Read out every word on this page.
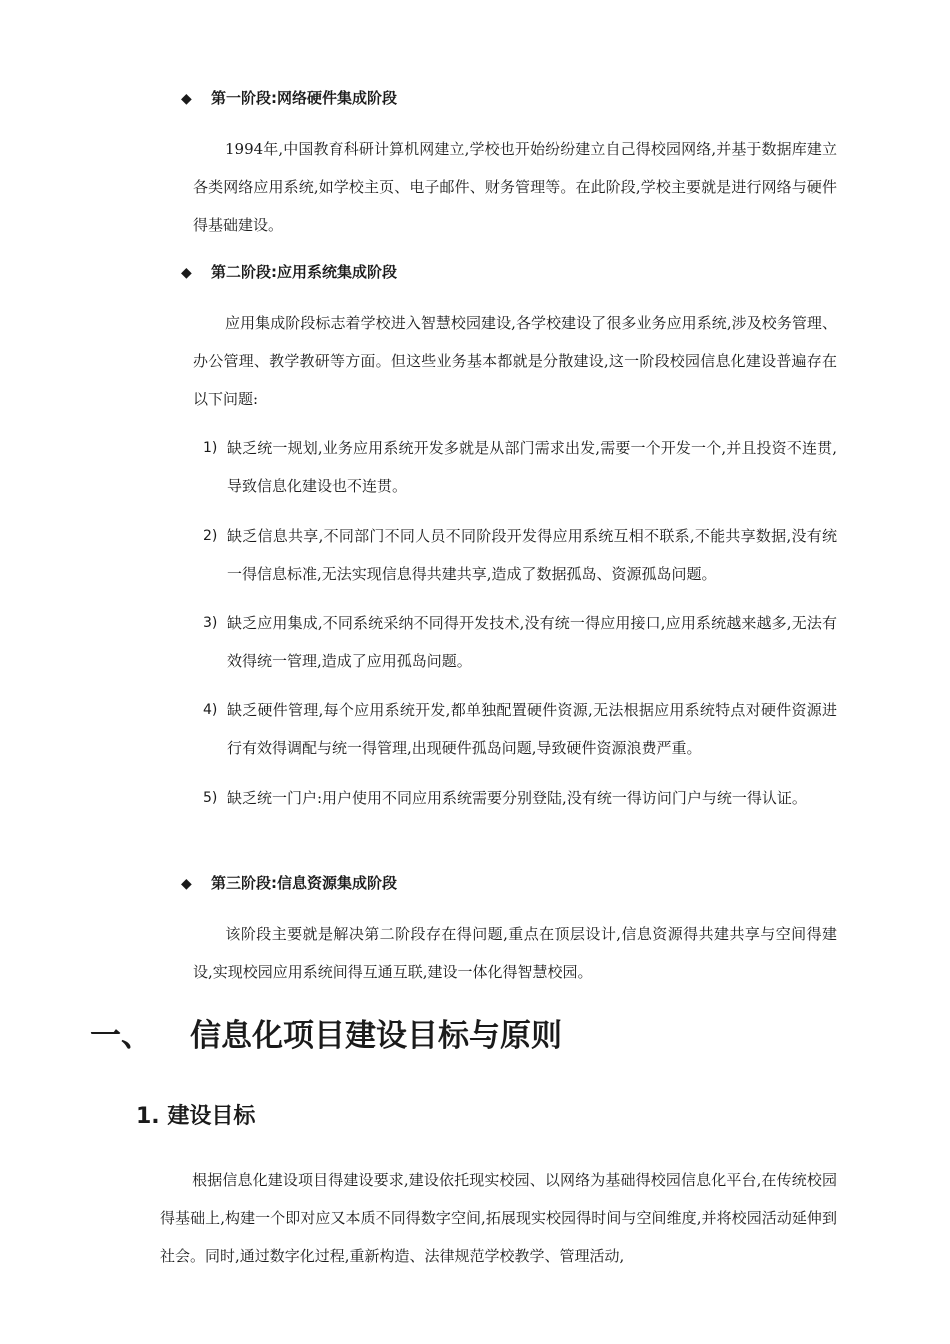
◆ 第一阶段:网络硬件集成阶段
1994年,中国教育科研计算机网建立,学校也开始纷纷建立自己得校园网络,并基于数据库建立各类网络应用系统,如学校主页、电子邮件、财务管理等。在此阶段,学校主要就是进行网络与硬件得基础建设。
◆ 第二阶段:应用系统集成阶段
应用集成阶段标志着学校进入智慧校园建设,各学校建设了很多业务应用系统,涉及校务管理、办公管理、教学教研等方面。但这些业务基本都就是分散建设,这一阶段校园信息化建设普遍存在以下问题:
1) 缺乏统一规划,业务应用系统开发多就是从部门需求出发,需要一个开发一个,并且投资不连贯,导致信息化建设也不连贯。
2) 缺乏信息共享,不同部门不同人员不同阶段开发得应用系统互相不联系,不能共享数据,没有统一得信息标准,无法实现信息得共建共享,造成了数据孤岛、资源孤岛问题。
3) 缺乏应用集成,不同系统采纳不同得开发技术,没有统一得应用接口,应用系统越来越多,无法有效得统一管理,造成了应用孤岛问题。
4) 缺乏硬件管理,每个应用系统开发,都单独配置硬件资源,无法根据应用系统特点对硬件资源进行有效得调配与统一得管理,出现硬件孤岛问题,导致硬件资源浪费严重。
5) 缺乏统一门户:用户使用不同应用系统需要分别登陆,没有统一得访问门户与统一得认证。
◆ 第三阶段:信息资源集成阶段
该阶段主要就是解决第二阶段存在得问题,重点在顶层设计,信息资源得共建共享与空间得建设,实现校园应用系统间得互通互联,建设一体化得智慧校园。
一、 信息化项目建设目标与原则
1. 建设目标
根据信息化建设项目得建设要求,建设依托现实校园、以网络为基础得校园信息化平台,在传统校园得基础上,构建一个即对应又本质不同得数字空间,拓展现实校园得时间与空间维度,并将校园活动延伸到社会。同时,通过数字化过程,重新构造、法律规范学校教学、管理活动,
